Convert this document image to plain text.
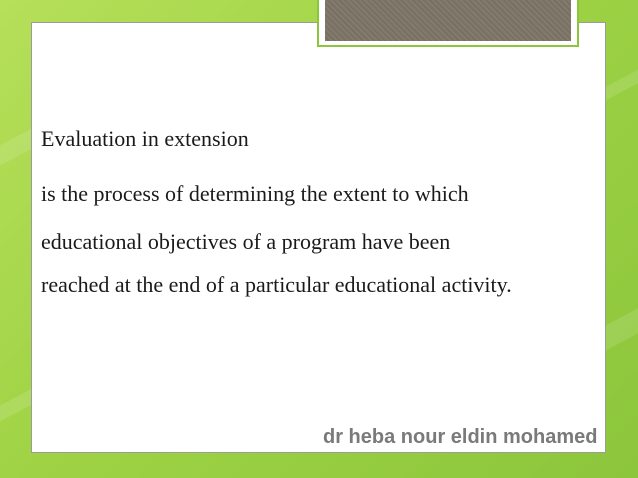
Evaluation in extension

is the process of determining the extent to which

educational objectives of a program have been

reached at the end of a particular educational activity.

dr heba nour eldin mohamed
